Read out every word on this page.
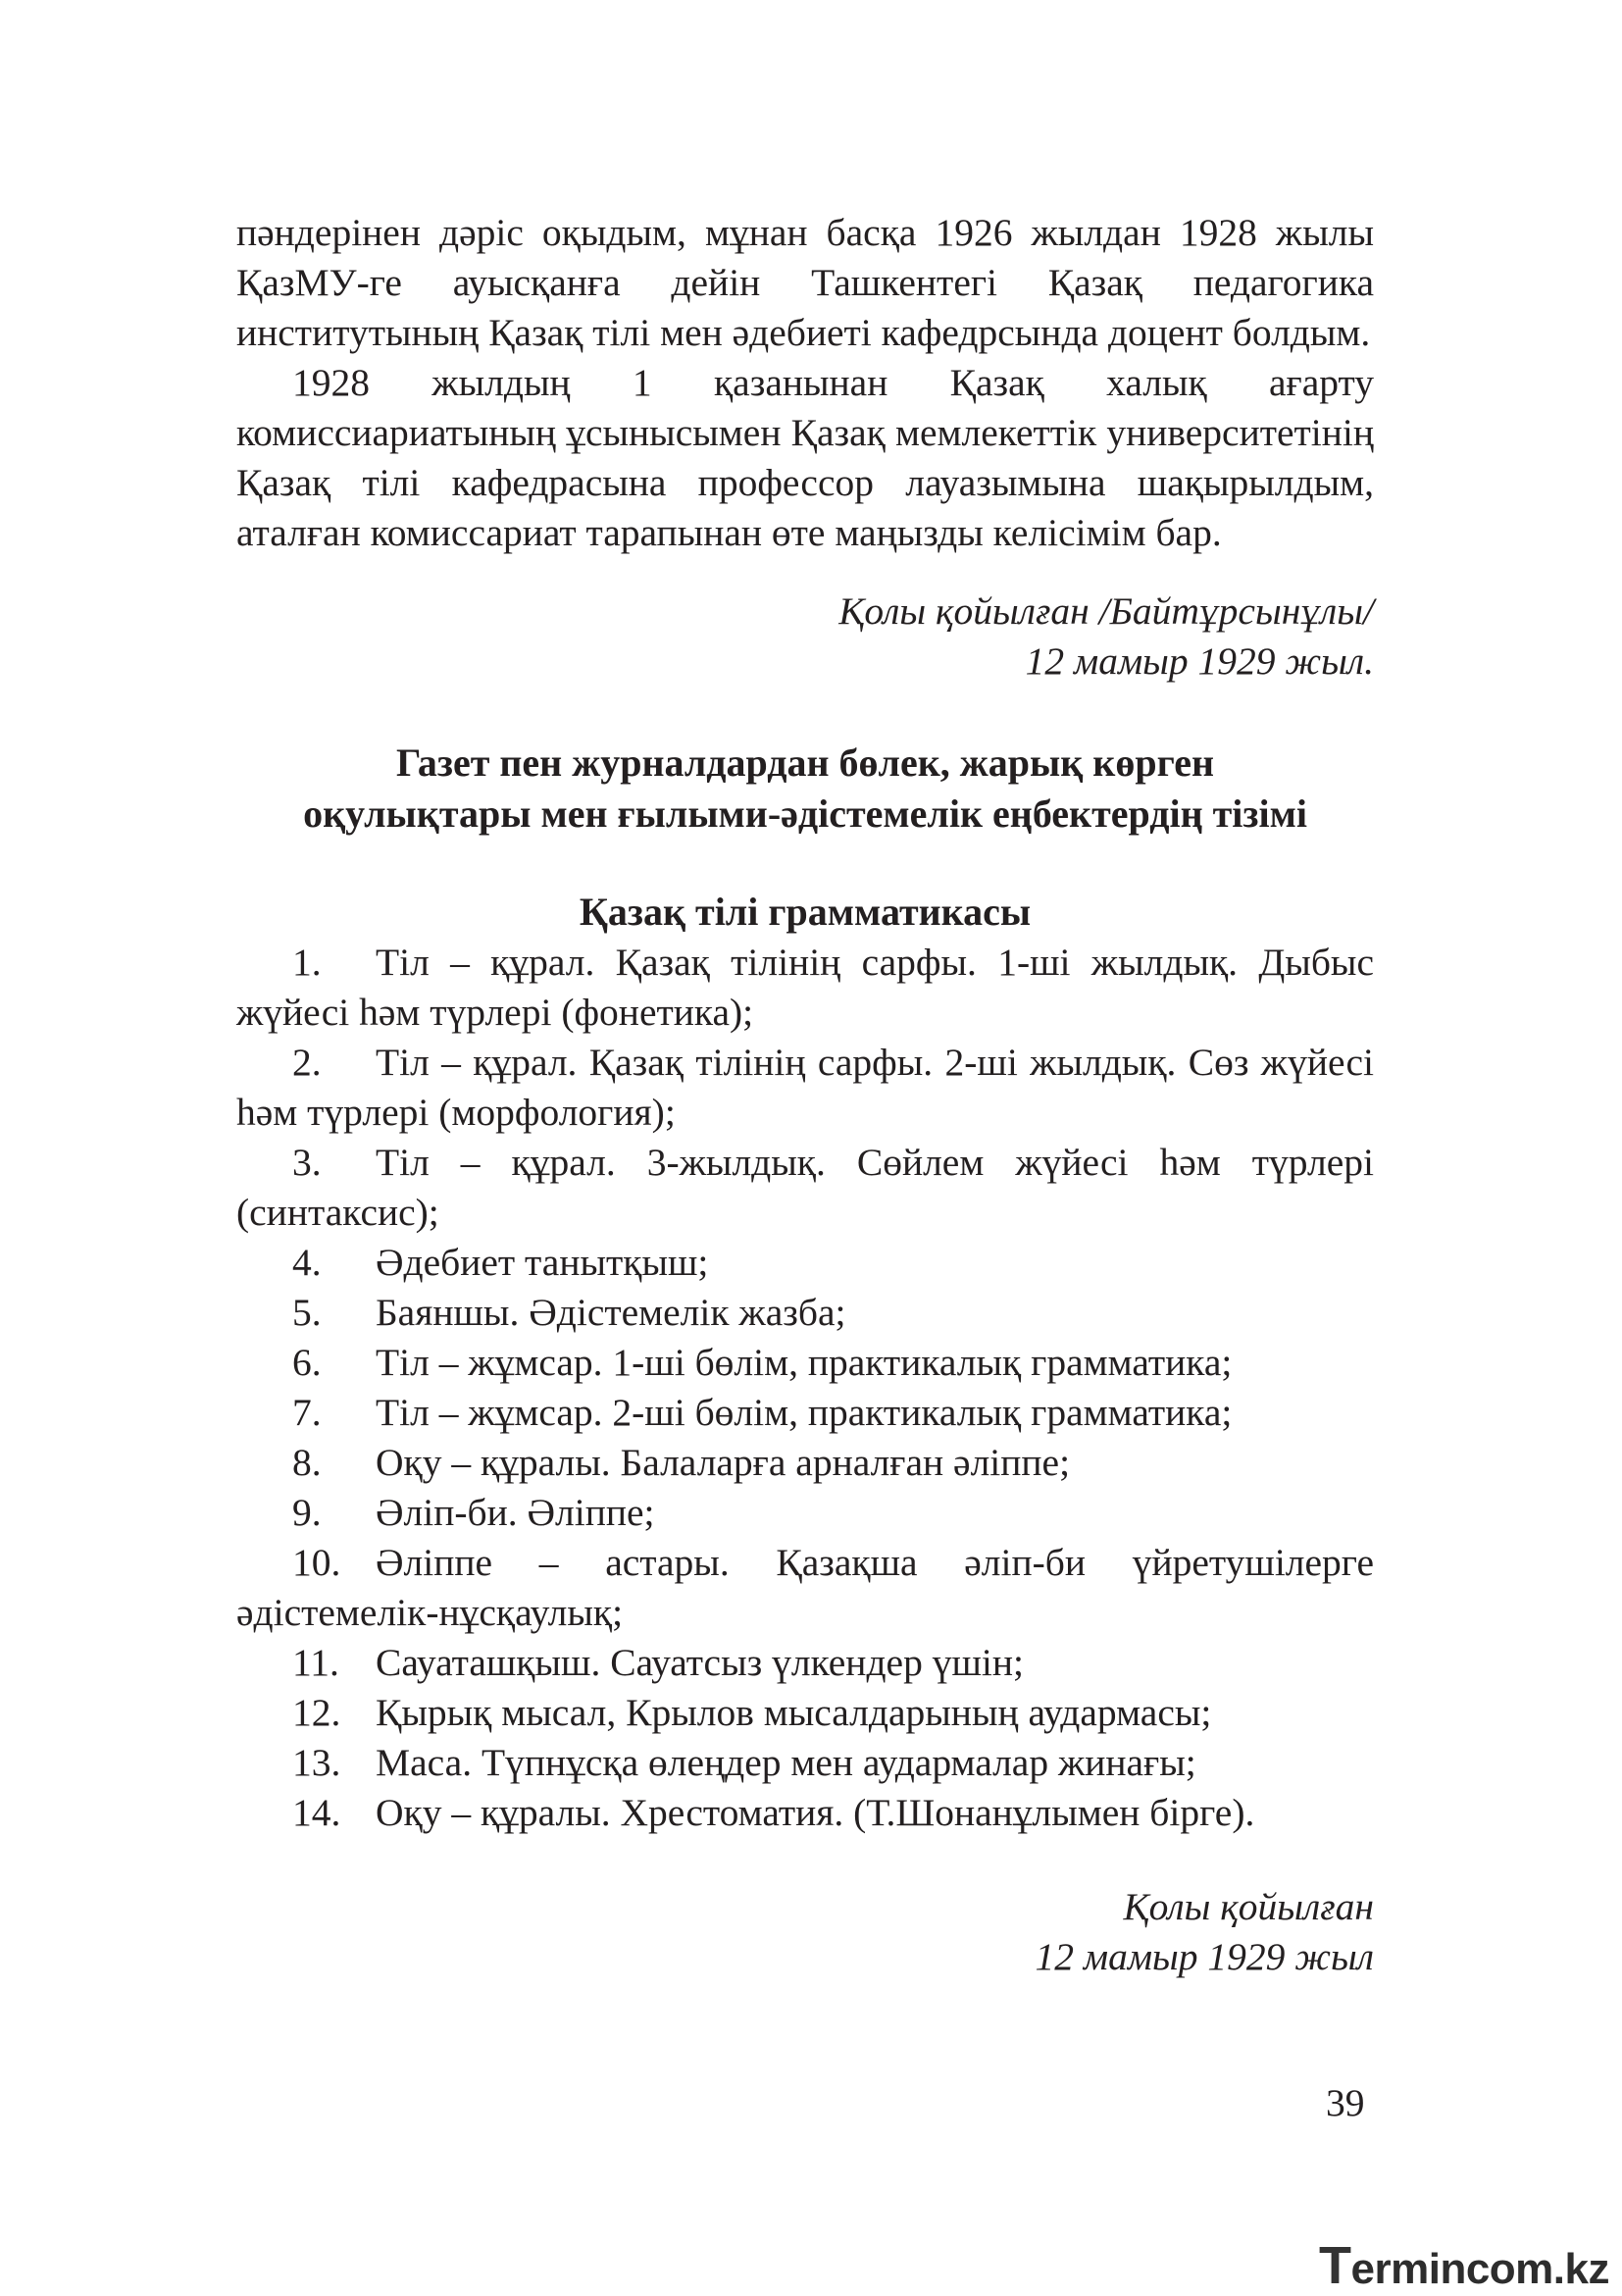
пәндерінен дәріс оқыдым, мұнан басқа 1926 жылдан 1928 жылы ҚазМУ-ге ауысқанға дейін Ташкентегі Қазақ педагогика институтының Қазақ тілі мен әдебиеті кафедрсында доцент болдым.

1928 жылдың 1 қазанынан Қазақ халық ағарту комиссиариатының ұсынысымен Қазақ мемлекеттік университетінің Қазақ тілі кафедрасына профессор лауазымына шақырылдым, аталған комиссариат тарапынан өте маңызды келісімім бар.

Қолы қойылған /Байтұрсынұлы/

12 мамыр 1929 жыл.

Газет пен журналдардан бөлек, жарық көрген

оқулықтары мен ғылыми-әдістемелік еңбектердің тізімі

Қазақ тілі грамматикасы

1. Тіл – құрал. Қазақ тілінің сарфы. 1-ші жылдық. Дыбыс жүйесі һәм түрлері (фонетика);

2. Тіл – құрал. Қазақ тілінің сарфы. 2-ші жылдық. Сөз жүйесі һәм түрлері (морфология);

3. Тіл – құрал. 3-жылдық. Сөйлем жүйесі һәм түрлері (синтаксис);

4. Әдебиет танытқыш;

5. Баяншы. Әдістемелік жазба;

6. Тіл – жұмсар. 1-ші бөлім, практикалық грамматика;

7. Тіл – жұмсар. 2-ші бөлім, практикалық грамматика;

8. Оқу – құралы. Балаларға арналған әліппе;

9. Әліп-би. Әліппе;

10. Әліппе – астары. Қазақша әліп-би үйретушілерге әдістемелік-нұсқаулық;

11. Сауаташқыш. Сауатсыз үлкендер үшін;

12. Қырық мысал, Крылов мысалдарының аудармасы;

13. Маса. Түпнұсқа өлеңдер мен аудармалар жинағы;

14. Оқу – құралы. Хрестоматия. (Т.Шонанұлымен бірге).

Қолы қойылған

12 мамыр 1929 жыл

39
Termincom.kz
